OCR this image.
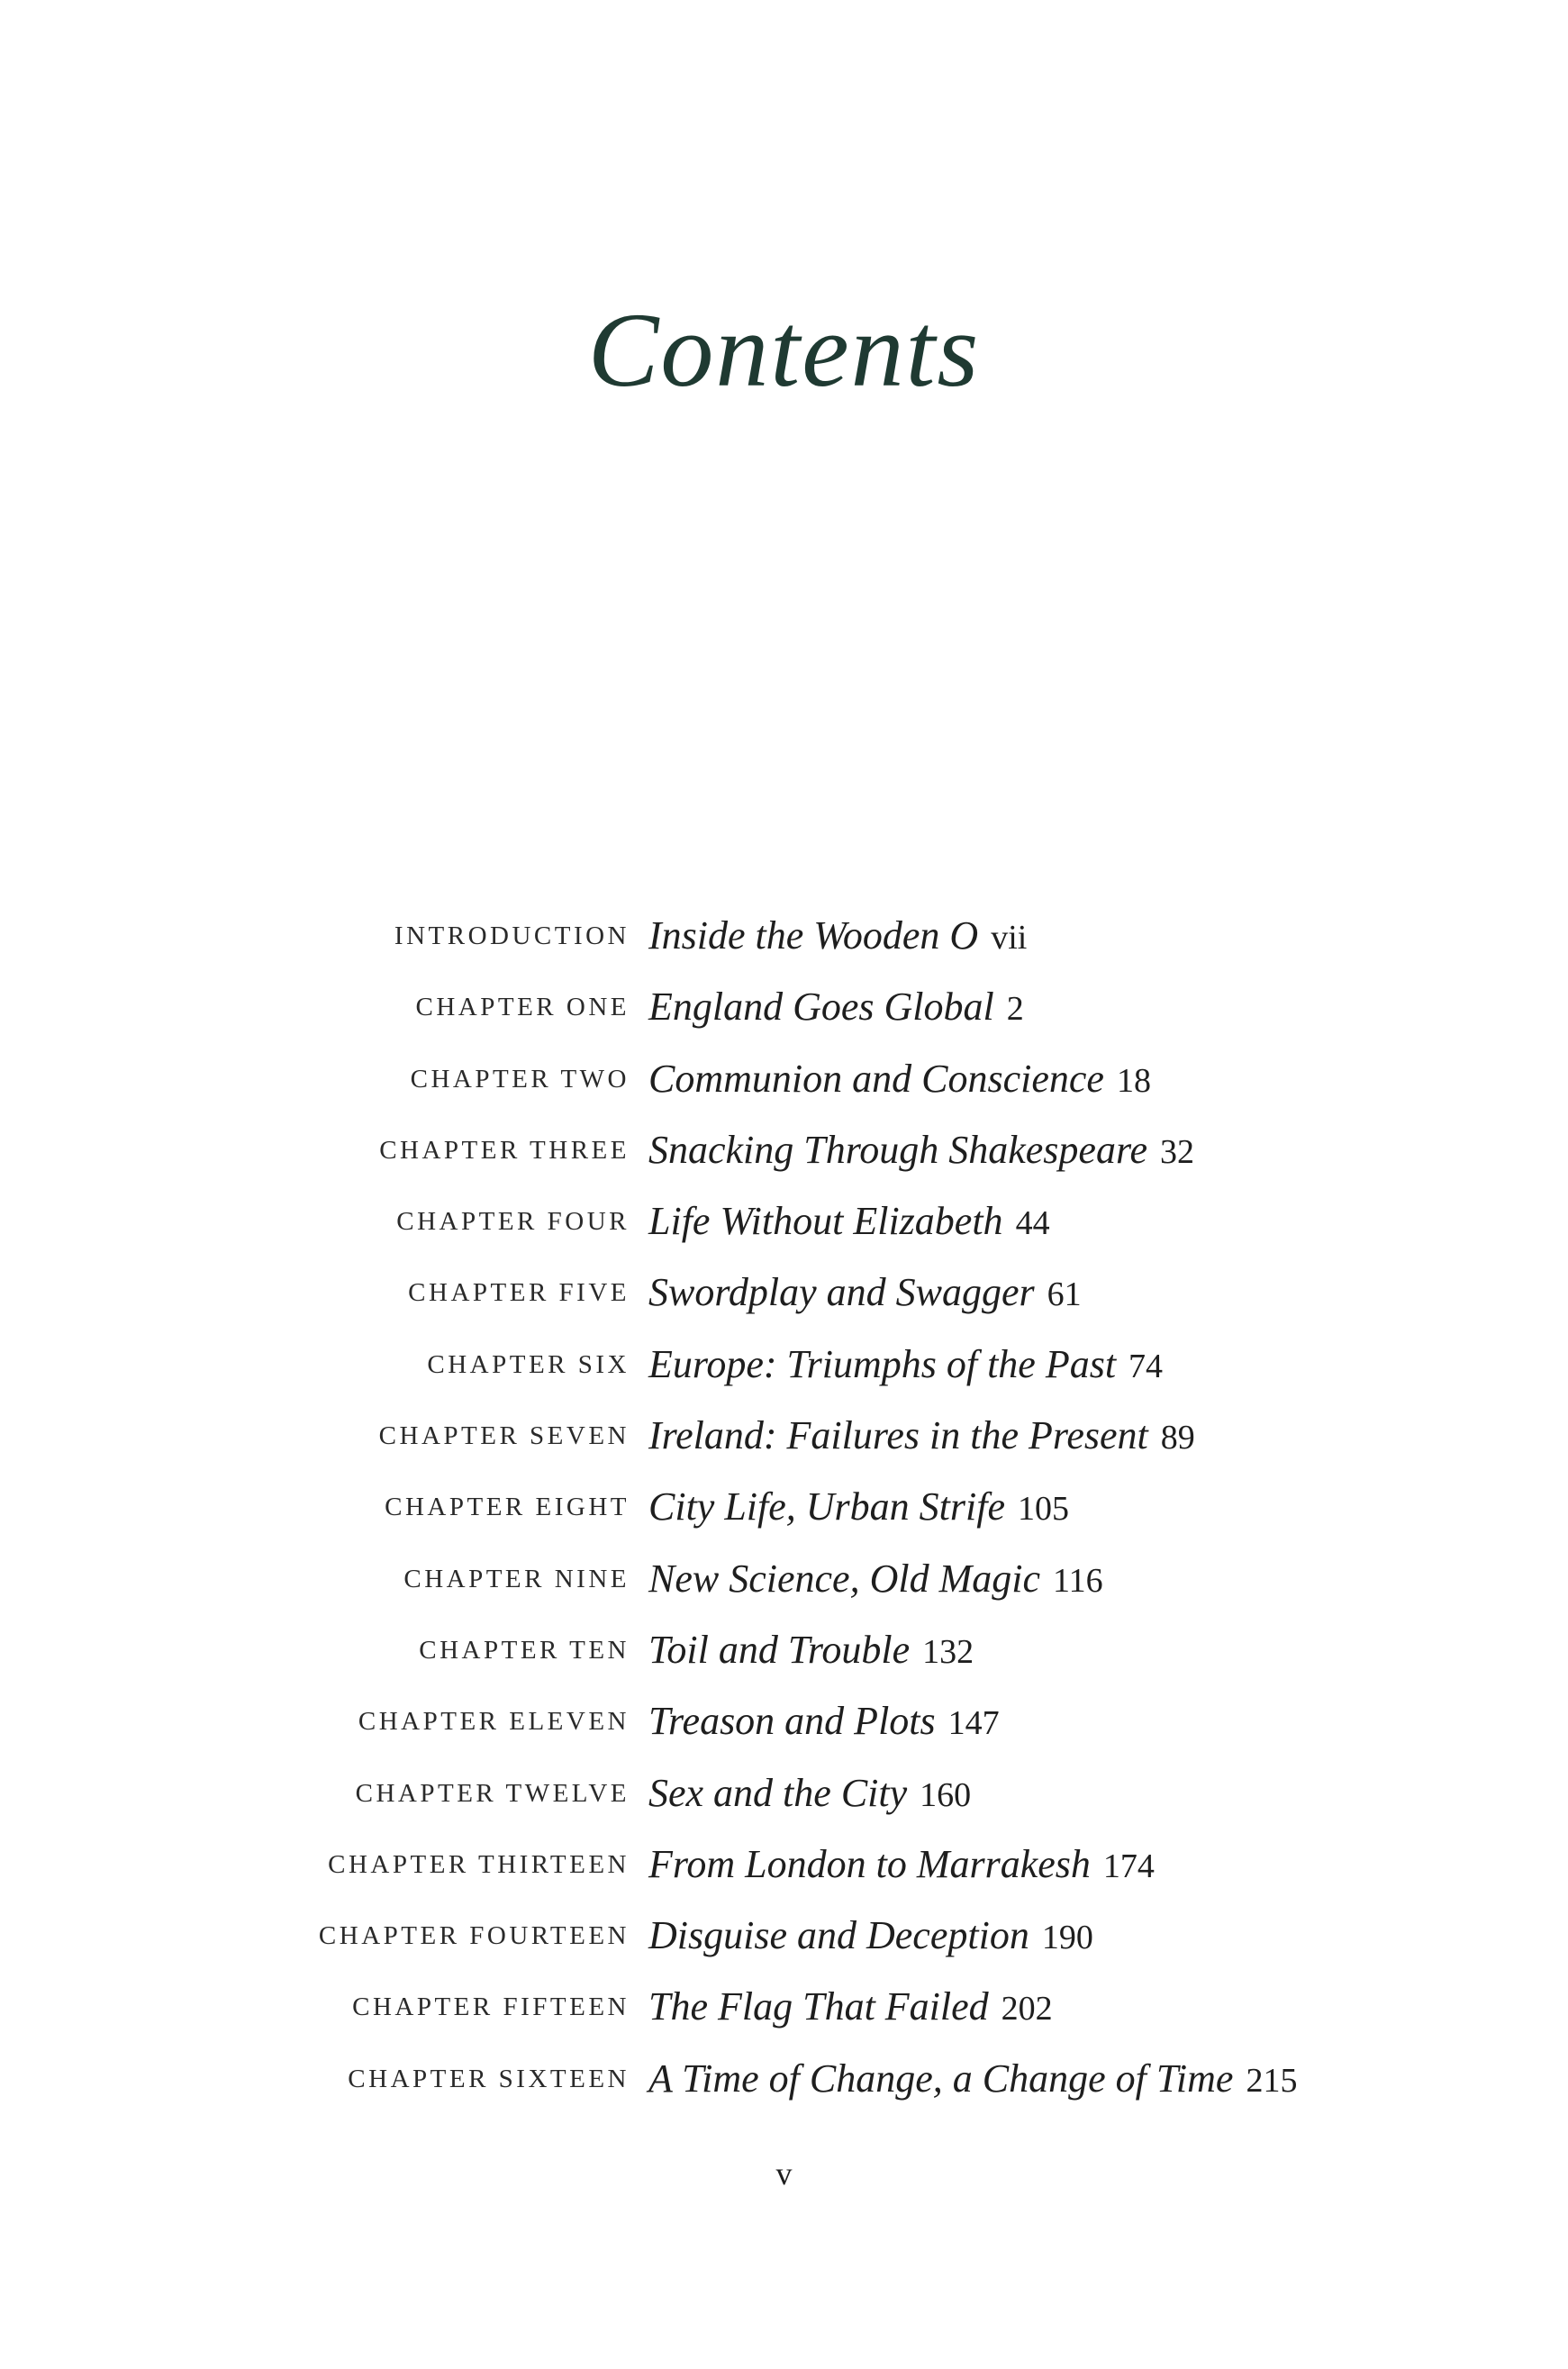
Contents
INTRODUCTION Inside the Wooden O vii
CHAPTER ONE England Goes Global 2
CHAPTER TWO Communion and Conscience 18
CHAPTER THREE Snacking Through Shakespeare 32
CHAPTER FOUR Life Without Elizabeth 44
CHAPTER FIVE Swordplay and Swagger 61
CHAPTER SIX Europe: Triumphs of the Past 74
CHAPTER SEVEN Ireland: Failures in the Present 89
CHAPTER EIGHT City Life, Urban Strife 105
CHAPTER NINE New Science, Old Magic 116
CHAPTER TEN Toil and Trouble 132
CHAPTER ELEVEN Treason and Plots 147
CHAPTER TWELVE Sex and the City 160
CHAPTER THIRTEEN From London to Marrakesh 174
CHAPTER FOURTEEN Disguise and Deception 190
CHAPTER FIFTEEN The Flag That Failed 202
CHAPTER SIXTEEN A Time of Change, a Change of Time 215
v
